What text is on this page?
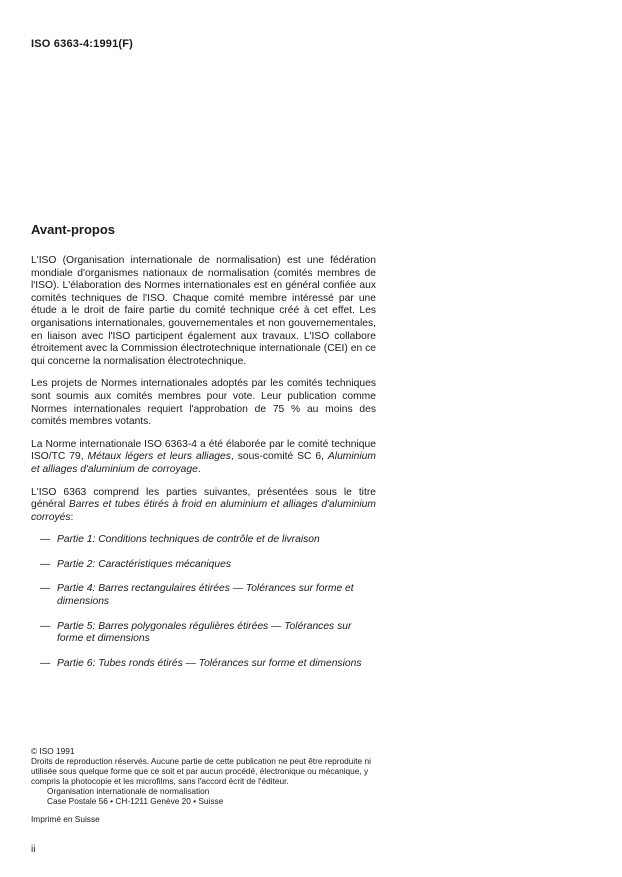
ISO 6363-4:1991(F)
Avant-propos

L'ISO (Organisation internationale de normalisation) est une fédération mondiale d'organismes nationaux de normalisation (comités membres de l'ISO). L'élaboration des Normes internationales est en général confiée aux comités techniques de l'ISO. Chaque comité membre intéressé par une étude a le droit de faire partie du comité technique créé à cet effet. Les organisations internationales, gouvernementales et non gouvernementales, en liaison avec l'ISO participent également aux travaux. L'ISO collabore étroitement avec la Commission électrotechnique internationale (CEI) en ce qui concerne la normalisation électrotechnique.

Les projets de Normes internationales adoptés par les comités techniques sont soumis aux comités membres pour vote. Leur publication comme Normes internationales requiert l'approbation de 75 % au moins des comités membres votants.

La Norme internationale ISO 6363-4 a été élaborée par le comité technique ISO/TC 79, Métaux légers et leurs alliages, sous-comité SC 6, Aluminium et alliages d'aluminium de corroyage.

L'ISO 6363 comprend les parties suivantes, présentées sous le titre général Barres et tubes étirés à froid en aluminium et alliages d'aluminium corroyés:

— Partie 1: Conditions techniques de contrôle et de livraison
— Partie 2: Caractéristiques mécaniques
— Partie 4: Barres rectangulaires étirées — Tolérances sur forme et dimensions
— Partie 5: Barres polygonales régulières étirées — Tolérances sur forme et dimensions
— Partie 6: Tubes ronds étirés — Tolérances sur forme et dimensions
© ISO 1991
Droits de reproduction réservés. Aucune partie de cette publication ne peut être reproduite ni utilisée sous quelque forme que ce soit et par aucun procédé, électronique ou mécanique, y compris la photocopie et les microfilms, sans l'accord écrit de l'éditeur.
Organisation internationale de normalisation
Case Postale 56 • CH-1211 Genève 20 • Suisse
Imprimé en Suisse
ii
